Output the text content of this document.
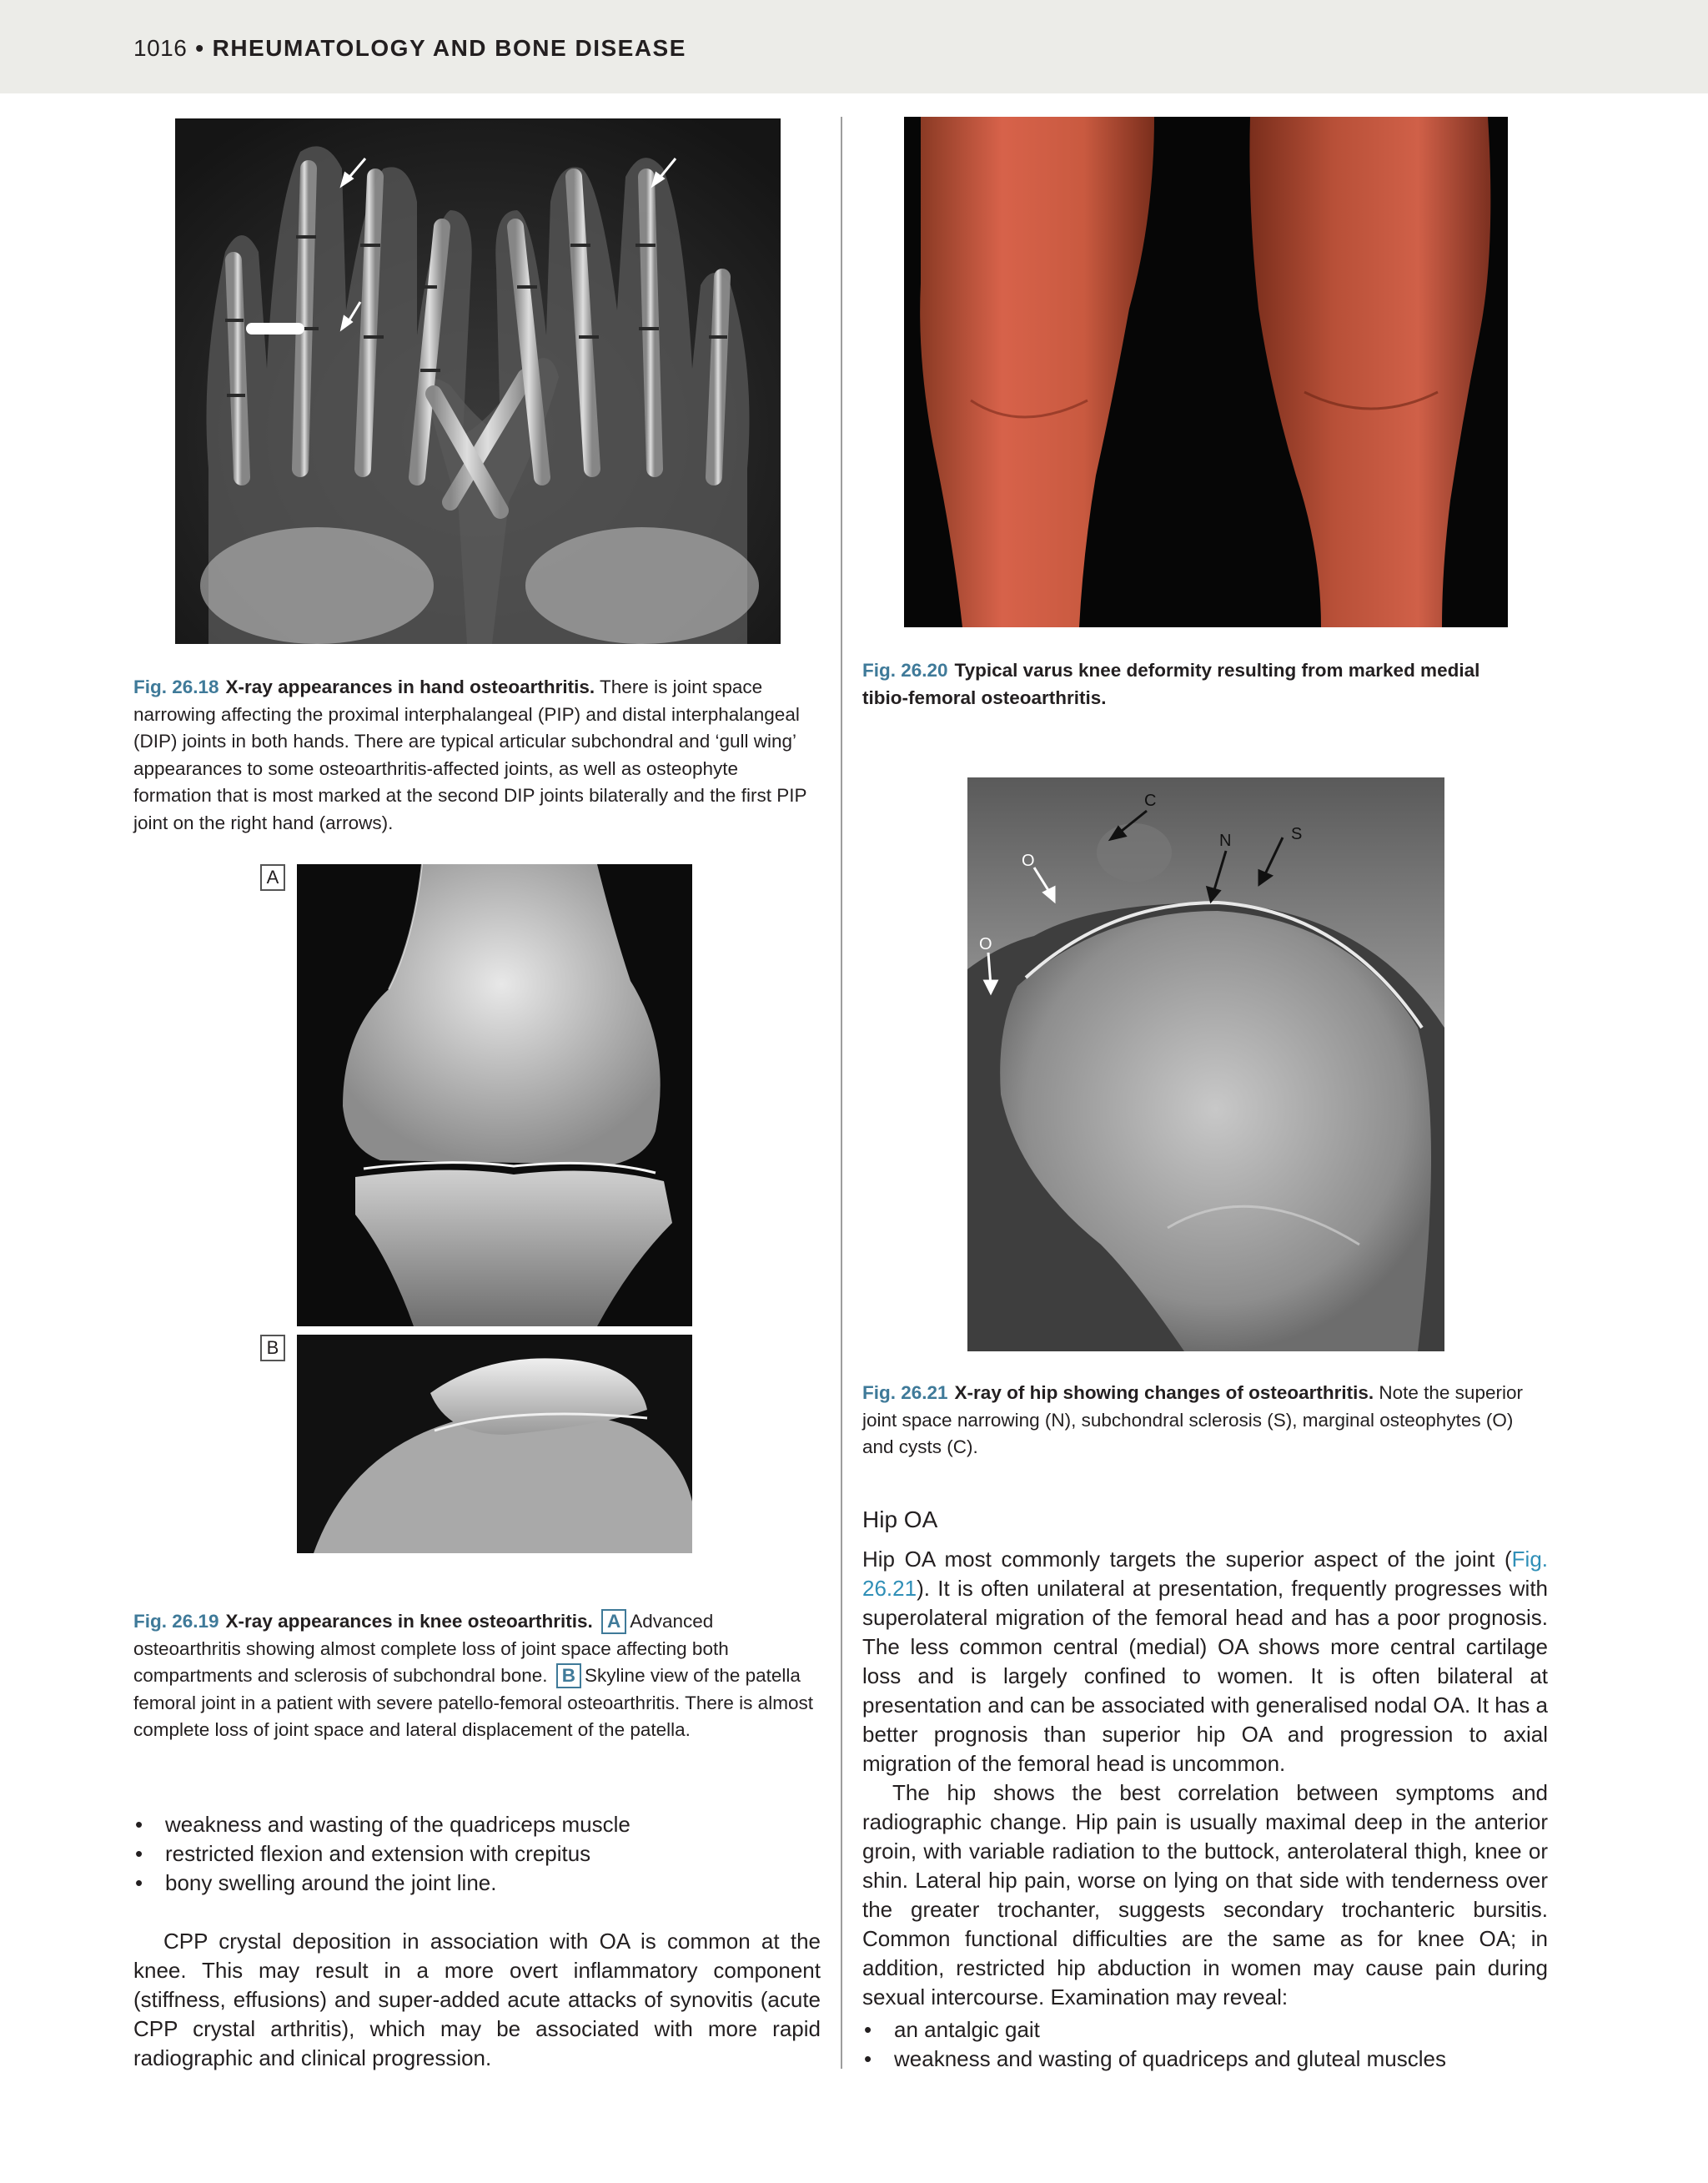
1016 • RHEUMATOLOGY AND BONE DISEASE
Fig. 26.18 X-ray appearances in hand osteoarthritis. There is joint space narrowing affecting the proximal interphalangeal (PIP) and distal interphalangeal (DIP) joints in both hands. There are typical articular subchondral and ‘gull wing’ appearances to some osteoarthritis-affected joints, as well as osteophyte formation that is most marked at the second DIP joints bilaterally and the first PIP joint on the right hand (arrows).
A
B
Fig. 26.19 X-ray appearances in knee osteoarthritis. A Advanced osteoarthritis showing almost complete loss of joint space affecting both compartments and sclerosis of subchondral bone. B Skyline view of the patella femoral joint in a patient with severe patello-femoral osteoarthritis. There is almost complete loss of joint space and lateral displacement of the patella.
• weakness and wasting of the quadriceps muscle
• restricted flexion and extension with crepitus
• bony swelling around the joint line.

CPP crystal deposition in association with OA is common at the knee. This may result in a more overt inflammatory component (stiffness, effusions) and super-added acute attacks of synovitis (acute CPP crystal arthritis), which may be associated with more rapid radiographic and clinical progression.

Fig. 26.20 Typical varus knee deformity resulting from marked medial tibio-femoral osteoarthritis.
C
N	S
O
O
Fig. 26.21 X-ray of hip showing changes of osteoarthritis. Note the superior joint space narrowing (N), subchondral sclerosis (S), marginal osteophytes (O) and cysts (C).
Hip OA

Hip OA most commonly targets the superior aspect of the joint (Fig. 26.21). It is often unilateral at presentation, frequently progresses with superolateral migration of the femoral head and has a poor prognosis. The less common central (medial) OA shows more central cartilage loss and is largely confined to women. It is often bilateral at presentation and can be associated with generalised nodal OA. It has a better prognosis than superior hip OA and progression to axial migration of the femoral head is uncommon.

The hip shows the best correlation between symptoms and radiographic change. Hip pain is usually maximal deep in the anterior groin, with variable radiation to the buttock, anterolateral thigh, knee or shin. Lateral hip pain, worse on lying on that side with tenderness over the greater trochanter, suggests secondary trochanteric bursitis. Common functional difficulties are the same as for knee OA; in addition, restricted hip abduction in women may cause pain during sexual intercourse. Examination may reveal:

• an antalgic gait
• weakness and wasting of quadriceps and gluteal muscles
